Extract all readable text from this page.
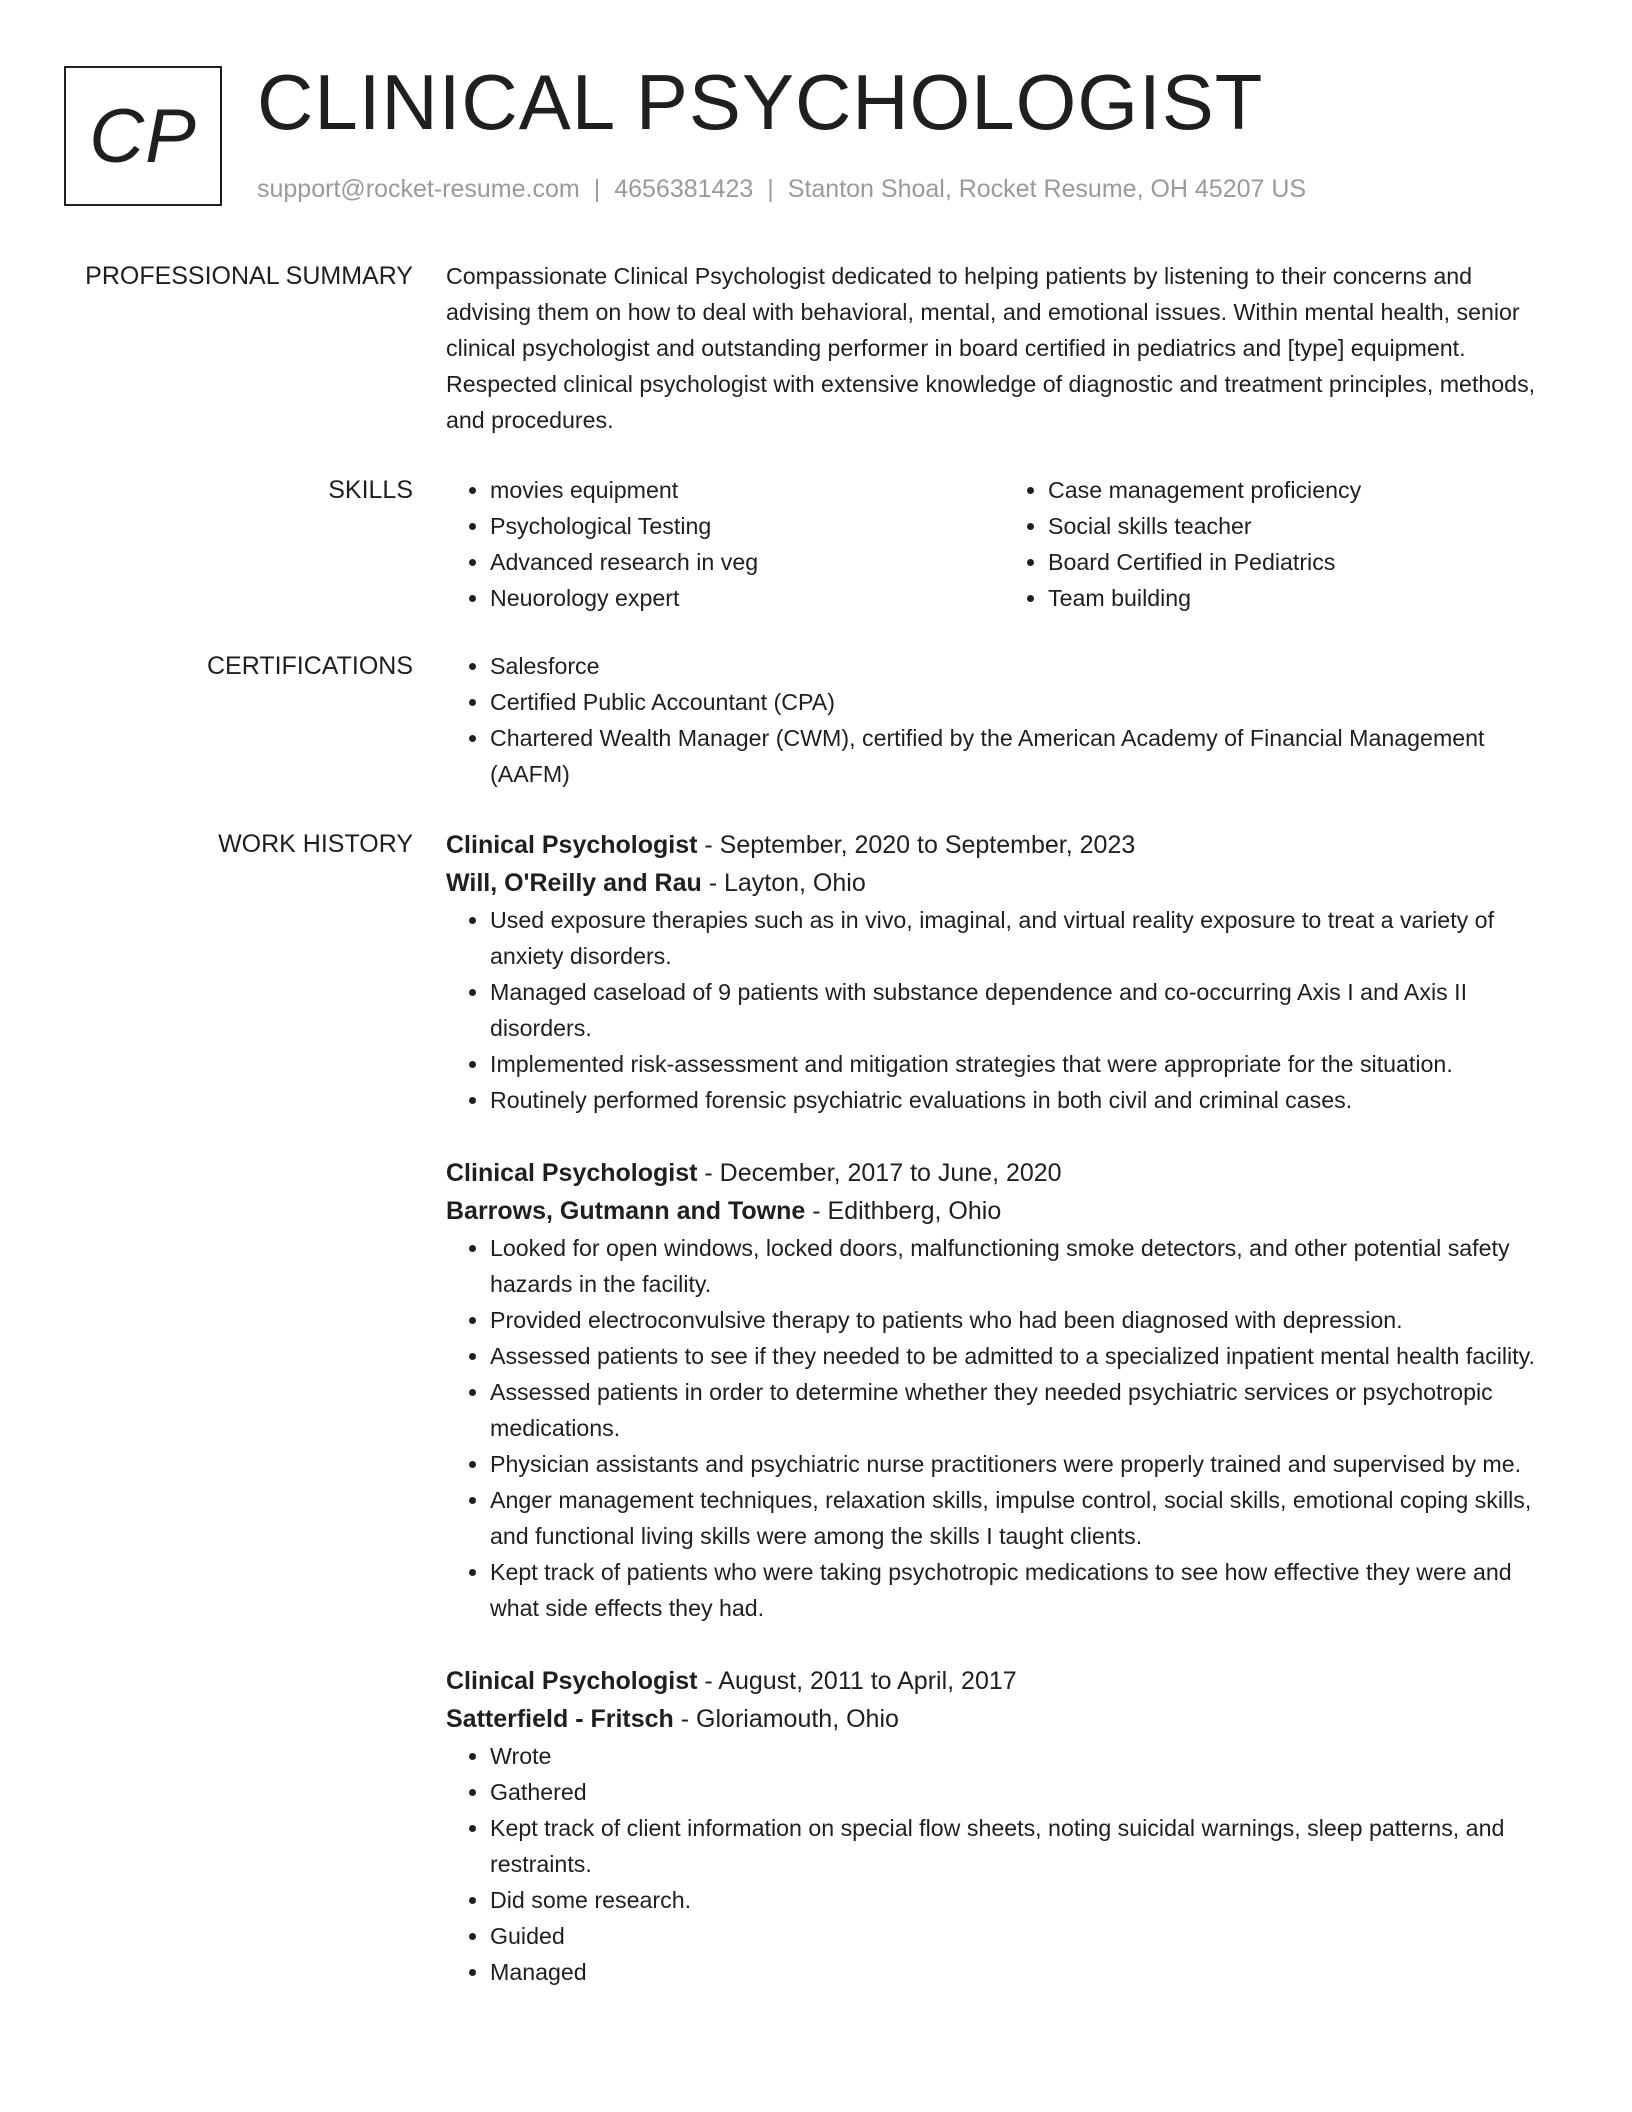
CP CLINICAL PSYCHOLOGIST
support@rocket-resume.com | 4656381423 | Stanton Shoal, Rocket Resume, OH 45207 US
PROFESSIONAL SUMMARY Compassionate Clinical Psychologist dedicated to helping patients by listening to their concerns and advising them on how to deal with behavioral, mental, and emotional issues. Within mental health, senior clinical psychologist and outstanding performer in board certified in pediatrics and [type] equipment. Respected clinical psychologist with extensive knowledge of diagnostic and treatment principles, methods, and procedures.

SKILLS	• movies equipment
• Psychological Testing
• Advanced research in veg
• Neuorology expert
• Case management proficiency
• Social skills teacher
• Board Certified in Pediatrics
• Team building
CERTIFICATIONS	• Salesforce
• Certified Public Accountant (CPA)
• Chartered Wealth Manager (CWM), certified by the American Academy of Financial Management (AAFM)
WORK HISTORY Clinical Psychologist - September, 2020 to September, 2023
Will, O'Reilly and Rau - Layton, Ohio
• Used exposure therapies such as in vivo, imaginal, and virtual reality exposure to treat a variety of anxiety disorders.
• Managed caseload of 9 patients with substance dependence and co-occurring Axis I and Axis II disorders.
• Implemented risk-assessment and mitigation strategies that were appropriate for the situation.
• Routinely performed forensic psychiatric evaluations in both civil and criminal cases.
Clinical Psychologist - December, 2017 to June, 2020
Barrows, Gutmann and Towne - Edithberg, Ohio
• Looked for open windows, locked doors, malfunctioning smoke detectors, and other potential safety hazards in the facility.
• Provided electroconvulsive therapy to patients who had been diagnosed with depression.
• Assessed patients to see if they needed to be admitted to a specialized inpatient mental health facility.
• Assessed patients in order to determine whether they needed psychiatric services or psychotropic medications.
• Physician assistants and psychiatric nurse practitioners were properly trained and supervised by me.
• Anger management techniques, relaxation skills, impulse control, social skills, emotional coping skills, and functional living skills were among the skills I taught clients.
• Kept track of patients who were taking psychotropic medications to see how effective they were and what side effects they had.
Clinical Psychologist - August, 2011 to April, 2017
Satterfield - Fritsch - Gloriamouth, Ohio
• Wrote
• Gathered
• Kept track of client information on special flow sheets, noting suicidal warnings, sleep patterns, and restraints.
• Did some research.
• Guided
• Managed
